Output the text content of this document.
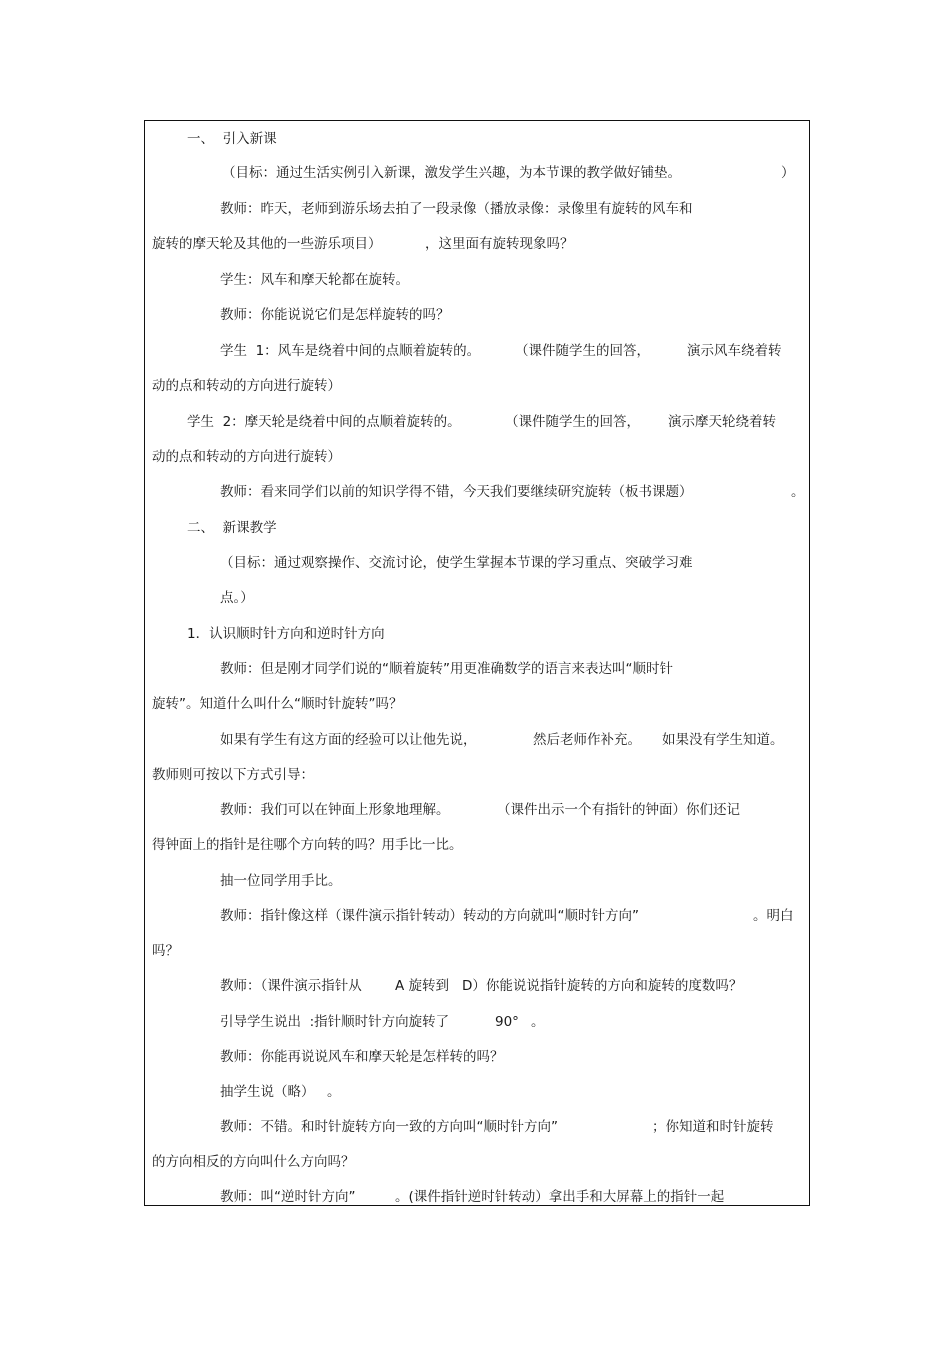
一、  引入新课
（目标：通过生活实例引入新课，激发学生兴趣，为本节课的教学做好铺垫。	）
教师：昨天，老师到游乐场去拍了一段录像（播放录像：录像里有旋转的风车和
旋转的摩天轮及其他的一些游乐项目）	，这里面有旋转现象吗？
学生：风车和摩天轮都在旋转。
教师：你能说说它们是怎样旋转的吗？
学生  1：风车是绕着中间的点顺着旋转的。	（课件随学生的回答，	演示风车绕着转
动的点和转动的方向进行旋转）
学生  2：摩天轮是绕着中间的点顺着旋转的。	（课件随学生的回答， 演示摩天轮绕着转
动的点和转动的方向进行旋转）
教师：看来同学们以前的知识学得不错，今天我们要继续研究旋转（板书课题）	。
二、  新课教学
（目标：通过观察操作、交流讨论，使学生掌握本节课的学习重点、突破学习难
点。）
1．认识顺时针方向和逆时针方向
教师：但是刚才同学们说的“顺着旋转”用更准确数学的语言来表达叫“顺时针
旋转”。知道什么叫什么“顺时针旋转”吗？
如果有学生有这方面的经验可以让他先说，	然后老师作补充。 如果没有学生知道。
教师则可按以下方式引导：
教师：我们可以在钟面上形象地理解。	（课件出示一个有指针的钟面）你们还记
得钟面上的指针是往哪个方向转的吗？用手比一比。
抽一位同学用手比。
教师：指针像这样（课件演示指针转动）转动的方向就叫“顺时针方向”	。明白
吗？
教师：（课件演示指针从 A 旋转到 D）你能说说指针旋转的方向和旋转的度数吗？
引导学生说出  :指针顺时针方向旋转了	90° 。
教师：你能再说说风车和摩天轮是怎样转的吗？
抽学生说（略） 。
教师：不错。和时针旋转方向一致的方向叫“顺时针方向”	；你知道和时针旋转
的方向相反的方向叫什么方向吗？
教师：叫“逆时针方向”	。(课件指针逆时针转动）拿出手和大屏幕上的指针一起
